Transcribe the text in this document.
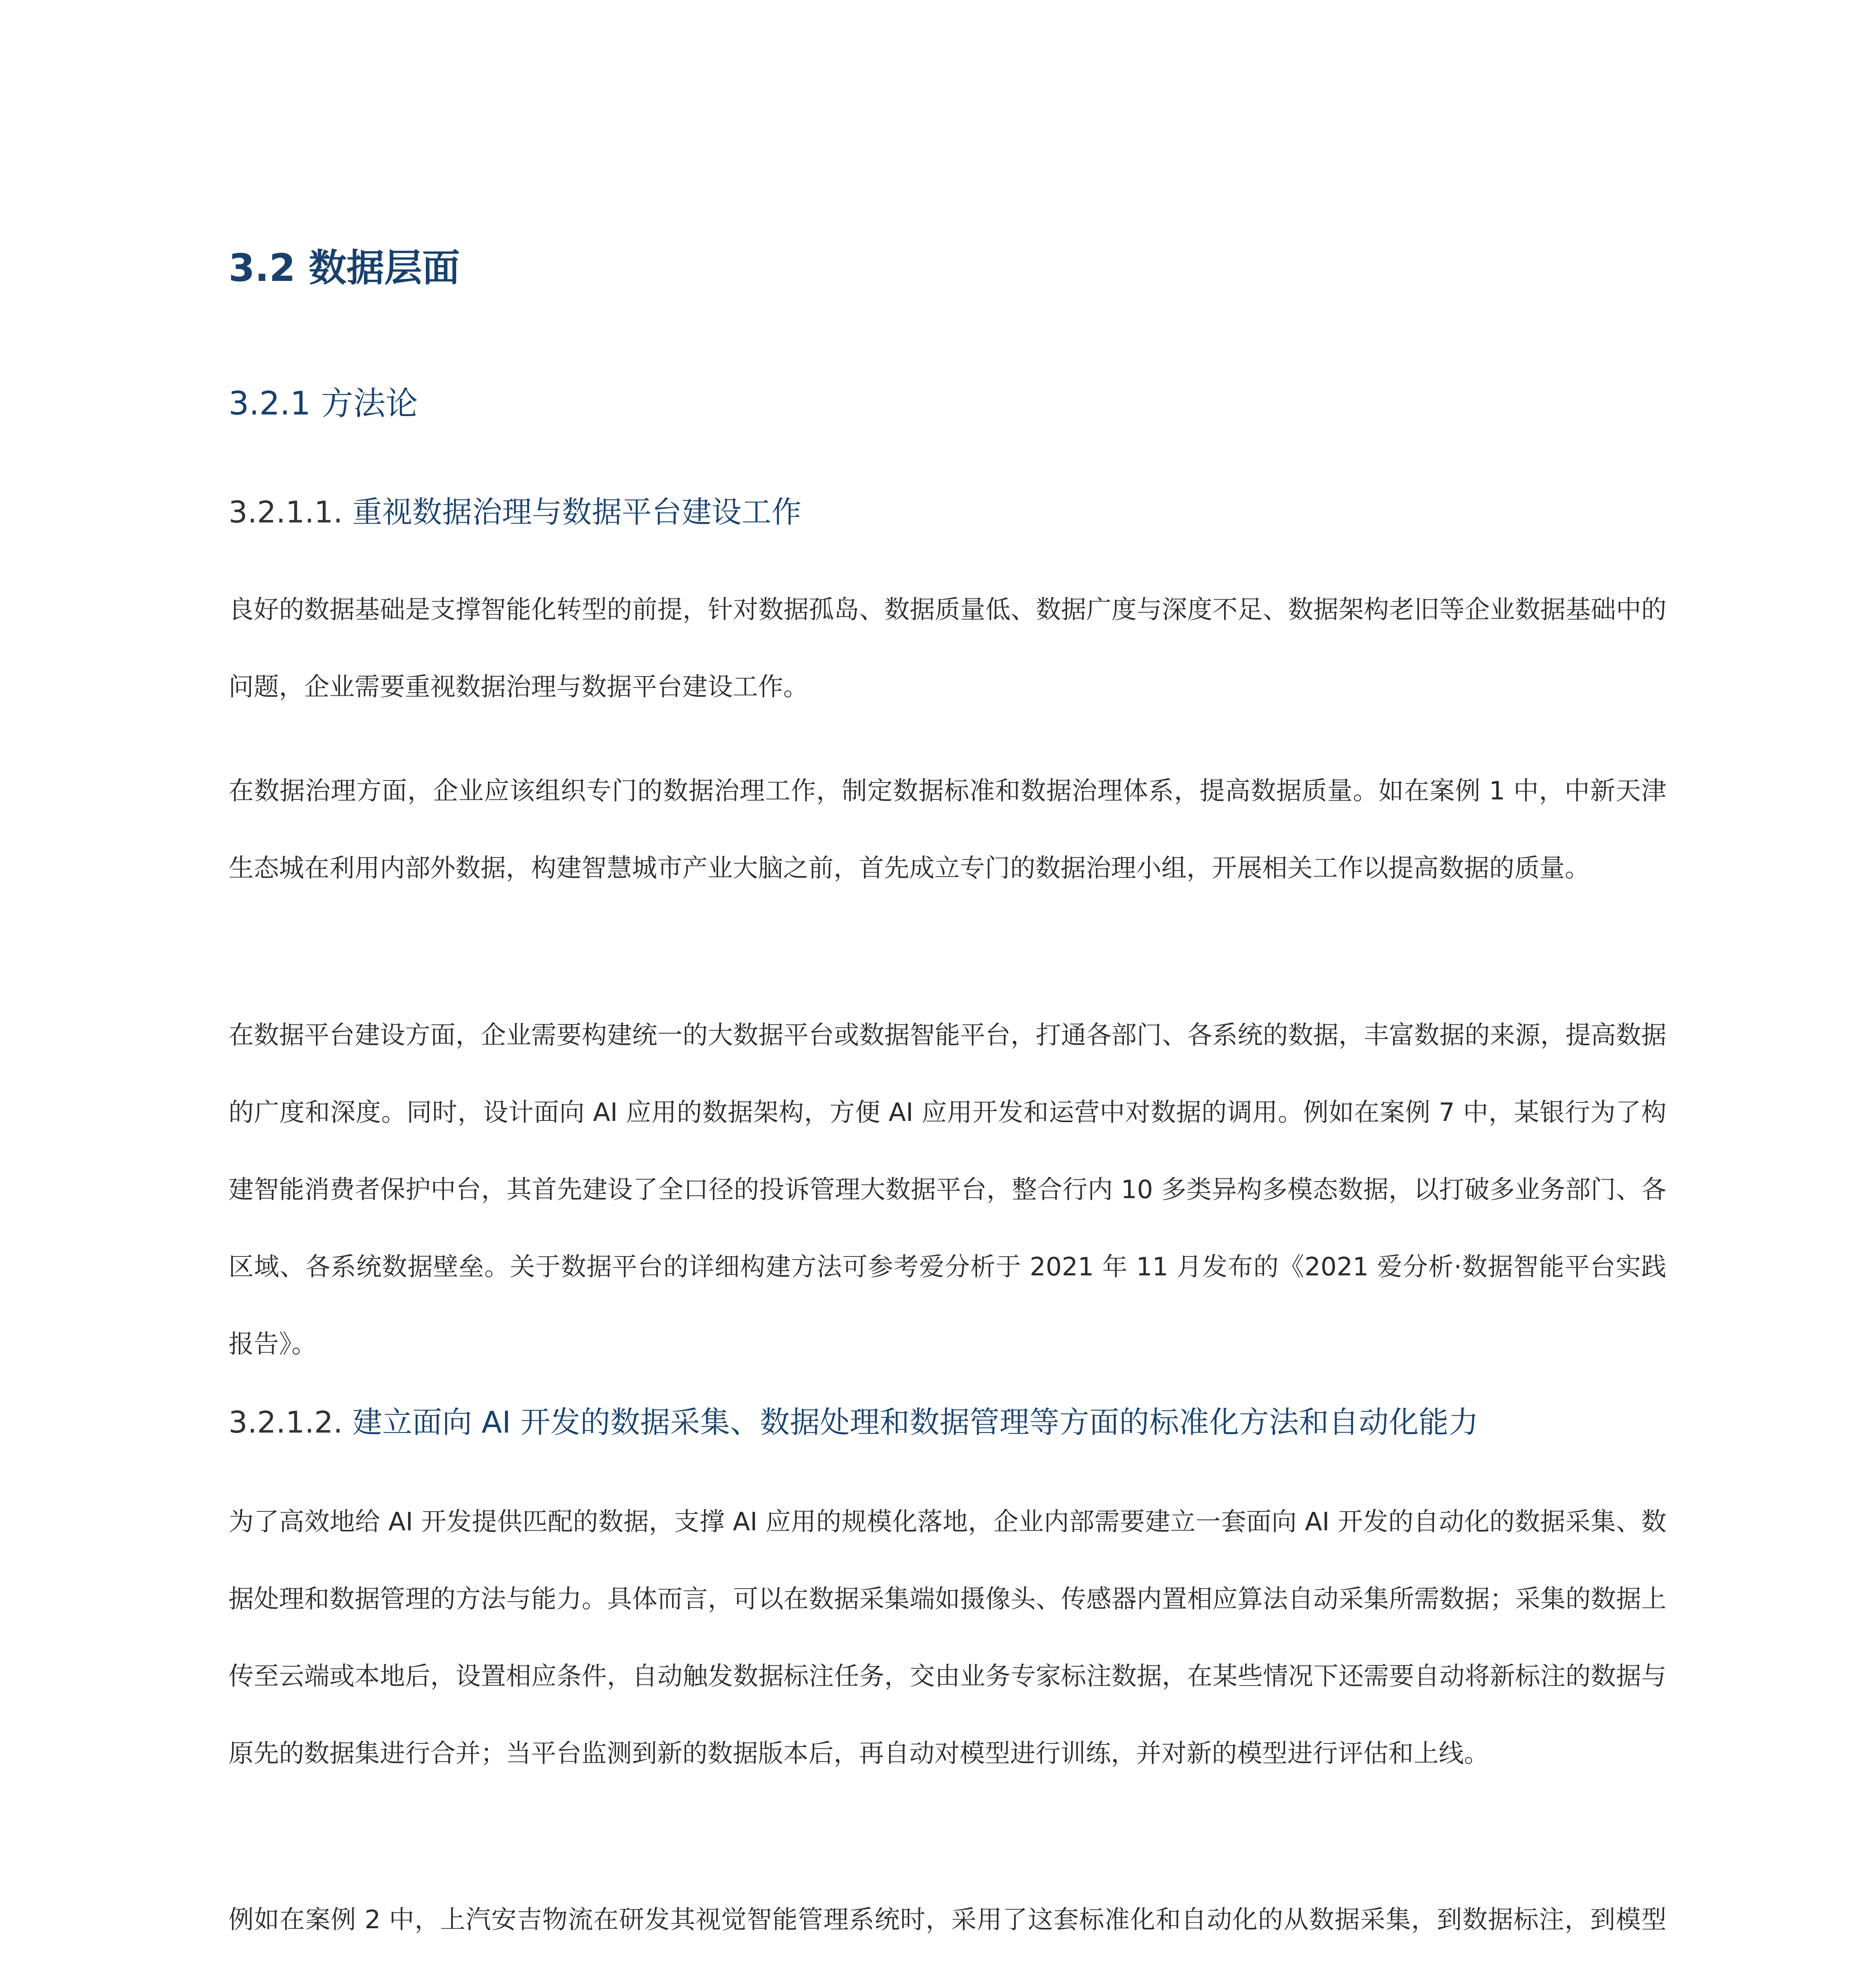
3.2 数据层面
3.2.1 方法论
3.2.1.1. 重视数据治理与数据平台建设工作

良好的数据基础是支撑智能化转型的前提，针对数据孤岛、数据质量低、数据广度与深度不足、数据架构老旧等企业数据基础中的问题，企业需要重视数据治理与数据平台建设工作。

在数据治理方面，企业应该组织专门的数据治理工作，制定数据标准和数据治理体系，提高数据质量。如在案例 1 中，中新天津生态城在利用内部外数据，构建智慧城市产业大脑之前，首先成立专门的数据治理小组，开展相关工作以提高数据的质量。

在数据平台建设方面，企业需要构建统一的大数据平台或数据智能平台，打通各部门、各系统的数据，丰富数据的来源，提高数据的广度和深度。同时，设计面向 AI 应用的数据架构，方便 AI 应用开发和运营中对数据的调用。例如在案例 7 中，某银行为了构建智能消费者保护中台，其首先建设了全口径的投诉管理大数据平台，整合行内 10 多类异构多模态数据，以打破多业务部门、各区域、各系统数据壁垒。关于数据平台的详细构建方法可参考爱分析于 2021 年 11 月发布的《2021 爱分析·数据智能平台实践报告》。

3.2.1.2. 建立面向 AI 开发的数据采集、数据处理和数据管理等方面的标准化方法和自动化能力

为了高效地给 AI 开发提供匹配的数据，支撑 AI 应用的规模化落地，企业内部需要建立一套面向 AI 开发的自动化的数据采集、数据处理和数据管理的方法与能力。具体而言，可以在数据采集端如摄像头、传感器内置相应算法自动采集所需数据；采集的数据上传至云端或本地后，设置相应条件，自动触发数据标注任务，交由业务专家标注数据，在某些情况下还需要自动将新标注的数据与原先的数据集进行合并；当平台监测到新的数据版本后，再自动对模型进行训练，并对新的模型进行评估和上线。

例如在案例 2 中，上汽安吉物流在研发其视觉智能管理系统时，采用了这套标准化和自动化的从数据采集，到数据标注，到模型
